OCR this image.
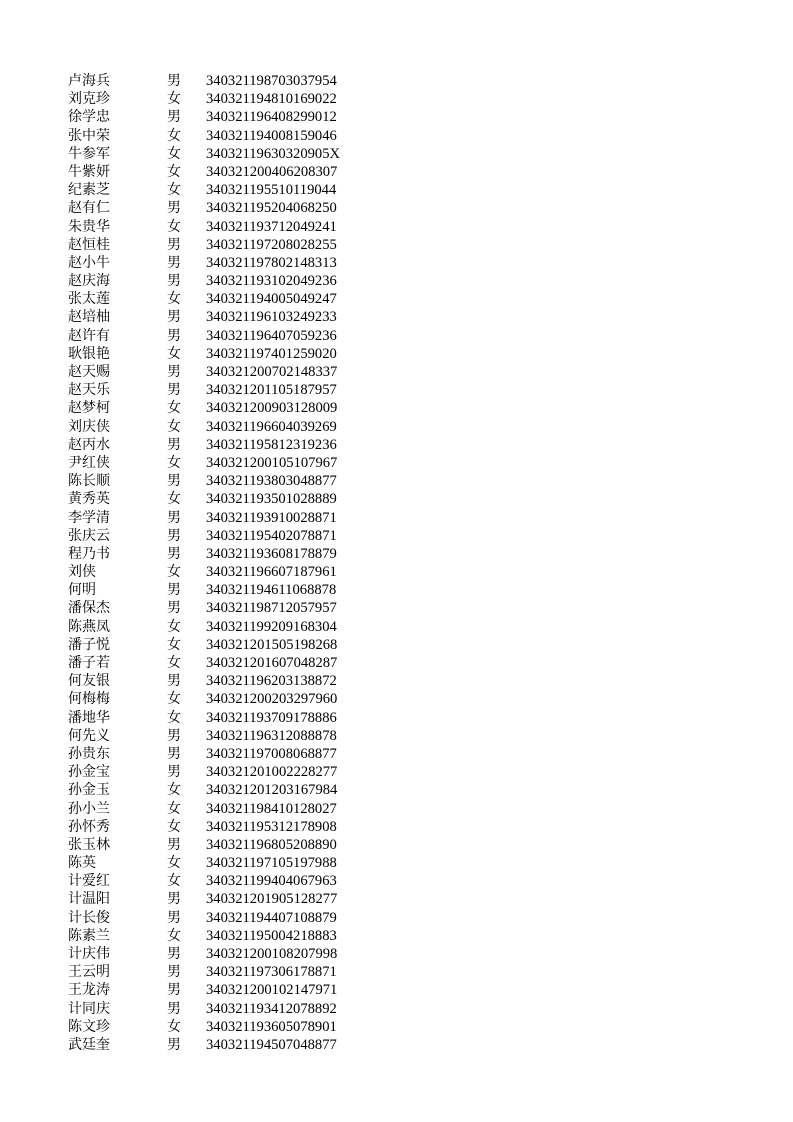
卢海兵	男 340321198703037954
刘克珍	女 340321194810169022
徐学忠	男 340321196408299012
张中荣	女 340321194008159046
牛参军	女 34032119630320905X
牛紫妍	女 340321200406208307
纪素芝	女 340321195510119044
赵有仁	男 340321195204068250
朱贵华	女 340321193712049241
赵恒桂	男 340321197208028255
赵小牛	男 340321197802148313
赵庆海	男 340321193102049236
张太莲	女 340321194005049247
赵培柚	男 340321196103249233
赵许有	男 340321196407059236
耿银艳	女 340321197401259020
赵天赐	男 340321200702148337
赵天乐	男 340321201105187957
赵梦柯	女 340321200903128009
刘庆侠	女 340321196604039269
赵丙水	男 340321195812319236
尹红侠	女 340321200105107967
陈长顺	男 340321193803048877
黄秀英	女 340321193501028889
李学清	男 340321193910028871
张庆云	男 340321195402078871
程乃书	男 340321193608178879
刘侠	女 340321196607187961
何明	男 340321194611068878
潘保杰	男 340321198712057957
陈燕凤	女 340321199209168304
潘子悦	女 340321201505198268
潘子若	女 340321201607048287
何友银	男 340321196203138872
何梅梅	女 340321200203297960
潘地华	女 340321193709178886
何先义	男 340321196312088878
孙贵东	男 340321197008068877
孙金宝	男 340321201002228277
孙金玉	女 340321201203167984
孙小兰	女 340321198410128027
孙怀秀	女 340321195312178908
张玉林	男 340321196805208890
陈英	女 340321197105197988
计爱红	女 340321199404067963
计温阳	男 340321201905128277
计长俊	男 340321194407108879
陈素兰	女 340321195004218883
计庆伟	男 340321200108207998
王云明	男 340321197306178871
王龙涛	男 340321200102147971
计同庆	男 340321193412078892
陈文珍	女 340321193605078901
武廷奎	男 340321194507048877
